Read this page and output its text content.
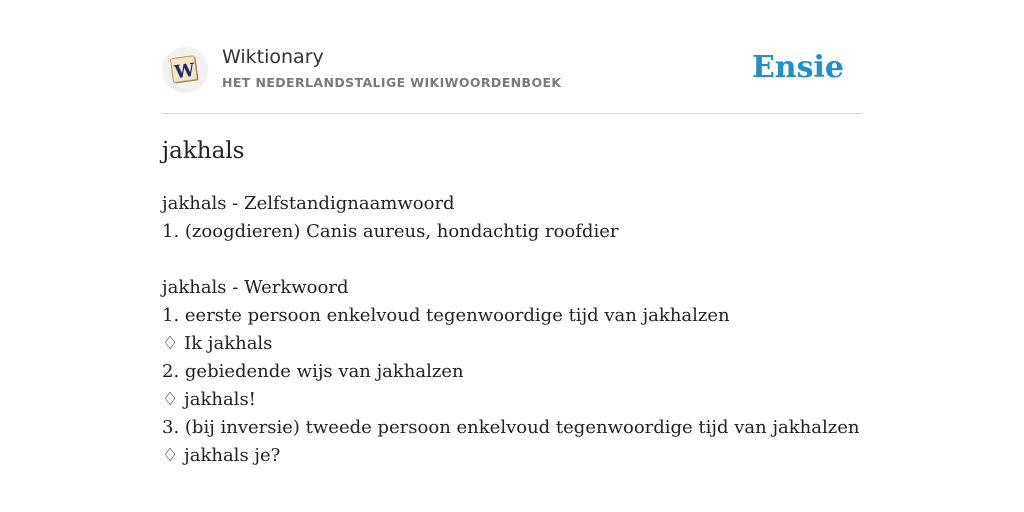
W
Wiktionary
HET NEDERLANDSTALIGE WIKIWOORDENBOEK	Ensie
jakhals
jakhals - Zelfstandignaamwoord
1. (zoogdieren) Canis aureus, hondachtig roofdier
jakhals - Werkwoord
1. eerste persoon enkelvoud tegenwoordige tijd van jakhalzen
♢ Ik jakhals
2. gebiedende wijs van jakhalzen
♢ jakhals!
3. (bij inversie) tweede persoon enkelvoud tegenwoordige tijd van jakhalzen
♢ jakhals je?
